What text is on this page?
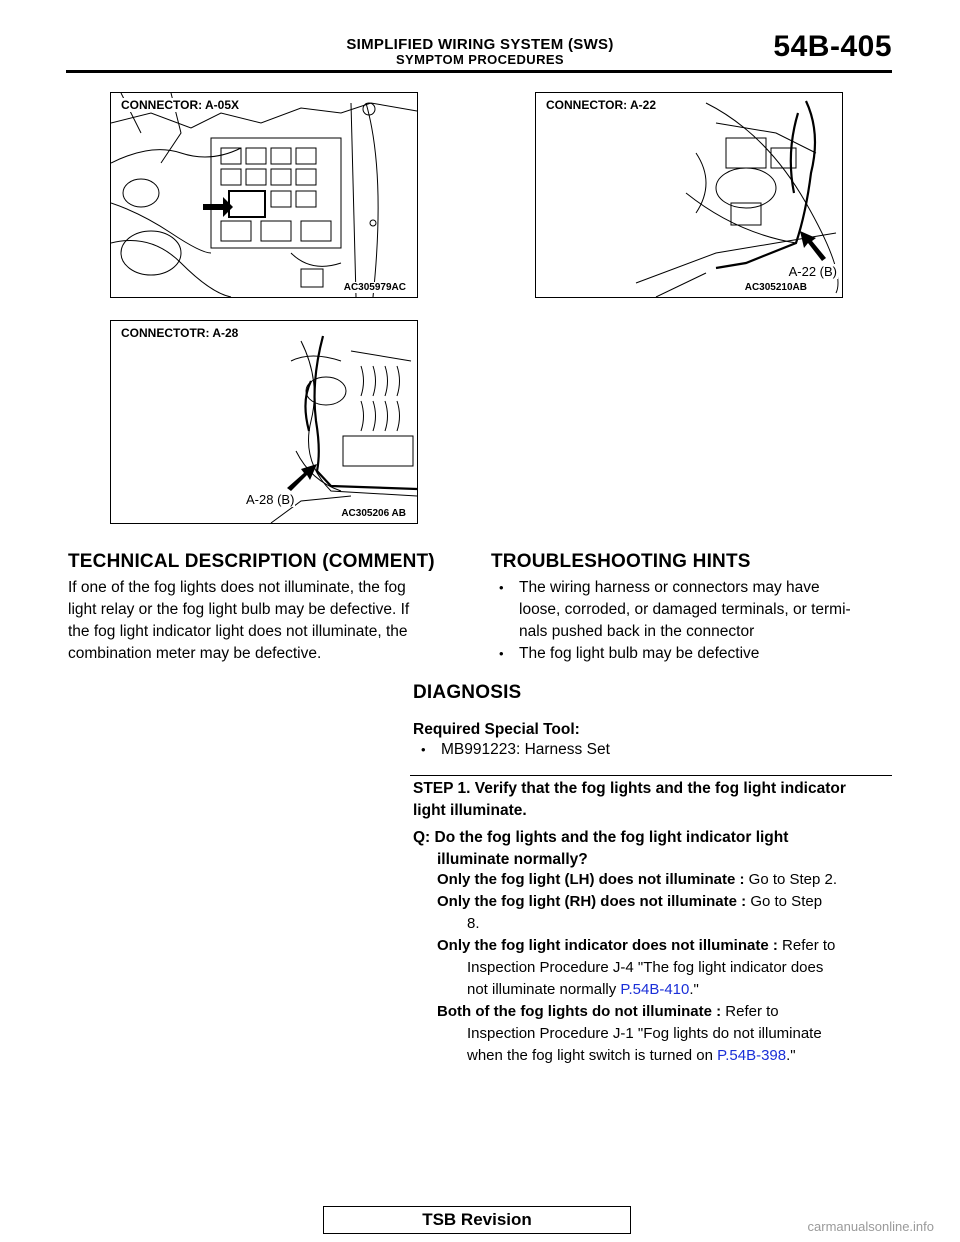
SIMPLIFIED WIRING SYSTEM (SWS)
SYMPTOM PROCEDURES	54B-405
CONNECTOR: A-05X
AC305979AC
CONNECTOR: A-22
A-22 (B)
AC305210AB
CONNECTOTR: A-28
A-28 (B)
AC305206 AB
TECHNICAL DESCRIPTION (COMMENT)
If one of the fog lights does not illuminate, the fog
light relay or the fog light bulb may be defective. If
the fog light indicator light does not illuminate, the
combination meter may be defective.
TROUBLESHOOTING HINTS
• The wiring harness or connectors may have
loose, corroded, or damaged terminals, or termi-
nals pushed back in the connector
• The fog light bulb may be defective
DIAGNOSIS
Required Special Tool:
• MB991223: Harness Set
STEP 1. Verify that the fog lights and the fog light indicator
light illuminate.
Q: Do the fog lights and the fog light indicator light
illuminate normally?
Only the fog light (LH) does not illuminate : Go to Step 2.
Only the fog light (RH) does not illuminate : Go to Step
8.
Only the fog light indicator does not illuminate : Refer to
Inspection Procedure J-4 "The fog light indicator does
not illuminate normally P.54B-410."
Both of the fog lights do not illuminate : Refer to
Inspection Procedure J-1 "Fog lights do not illuminate
when the fog light switch is turned on P.54B-398."
TSB Revision	carmanualsonline.info
